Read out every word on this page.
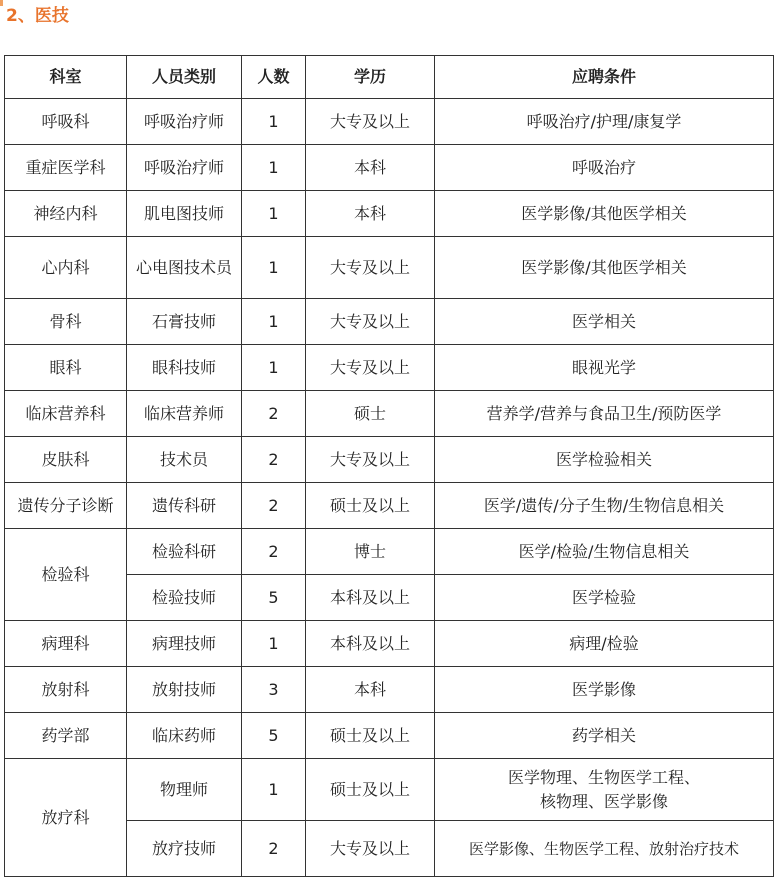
2、医技
科室	人员类别	人数	学历	应聘条件
呼吸科	呼吸治疗师	1	大专及以上	呼吸治疗/护理/康复学
重症医学科	呼吸治疗师	1	本科	呼吸治疗
神经内科	肌电图技师	1	本科	医学影像/其他医学相关
心内科	心电图技术员	1	大专及以上	医学影像/其他医学相关
骨科	石膏技师	1	大专及以上	医学相关
眼科	眼科技师	1	大专及以上	眼视光学
临床营养科	临床营养师	2	硕士	营养学/营养与食品卫生/预防医学
皮肤科	技术员	2	大专及以上	医学检验相关
遗传分子诊断	遗传科研	2	硕士及以上	医学/遗传/分子生物/生物信息相关
检验科	检验科研	2	博士	医学/检验/生物信息相关
	检验技师	5	本科及以上	医学检验
病理科	病理技师	1	本科及以上	病理/检验
放射科	放射技师	3	本科	医学影像
药学部	临床药师	5	硕士及以上	药学相关
放疗科	物理师	1	硕士及以上	医学物理、生物医学工程、核物理、医学影像
	放疗技师	2	大专及以上	医学影像、生物医学工程、放射治疗技术
